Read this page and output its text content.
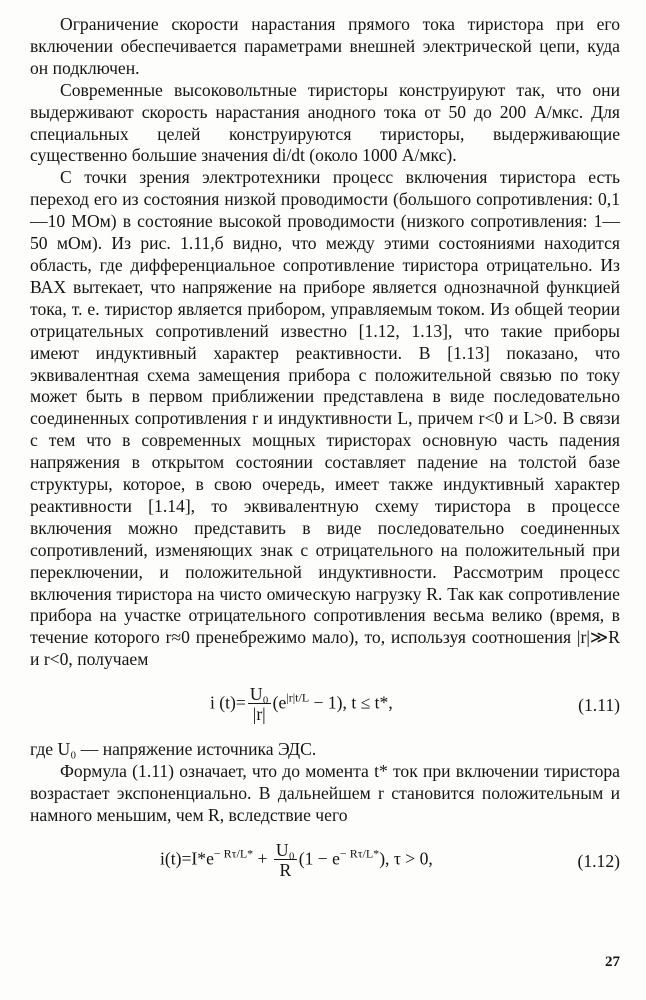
Ограничение скорости нарастания прямого тока тиристора при его включении обеспечивается параметрами внешней электрической цепи, куда он подключен.

Современные высоковольтные тиристоры конструируют так, что они выдерживают скорость нарастания анодного тока от 50 до 200 А/мкс. Для специальных целей конструируются тиристоры, выдерживающие существенно большие значения di/dt (около 1000 А/мкс).

С точки зрения электротехники процесс включения тиристора есть переход его из состояния низкой проводимости (большого сопротивления: 0,1—10 МОм) в состояние высокой проводимости (низкого сопротивления: 1—50 мОм). Из рис. 1.11,б видно, что между этими состояниями находится область, где дифференциальное сопротивление тиристора отрицательно. Из ВАХ вытекает, что напряжение на приборе является однозначной функцией тока, т. е. тиристор является прибором, управляемым током. Из общей теории отрицательных сопротивлений известно [1.12, 1.13], что такие приборы имеют индуктивный характер реактивности. В [1.13] показано, что эквивалентная схема замещения прибора с положительной связью по току может быть в первом приближении представлена в виде последовательно соединенных сопротивления r и индуктивности L, причем r<0 и L>0. В связи с тем что в современных мощных тиристорах основную часть падения напряжения в открытом состоянии составляет падение на толстой базе структуры, которое, в свою очередь, имеет также индуктивный характер реактивности [1.14], то эквивалентную схему тиристора в процессе включения можно представить в виде последовательно соединенных сопротивлений, изменяющих знак с отрицательного на положительный при переключении, и положительной индуктивности. Рассмотрим процесс включения тиристора на чисто омическую нагрузку R. Так как сопротивление прибора на участке отрицательного сопротивления весьма велико (время, в течение которого r≈0 пренебрежимо мало), то, используя соотношения |r|≫R и r<0, получаем

i $(t)= \frac{\text{U₀}}{|r|} (e^{|r|t/L} - 1)$, t ≤ t*,	(1.11)

где U₀ — напряжение источника ЭДС.

Формула (1.11) означает, что до момента t* ток при включении тиристора возрастает экспоненциально. В дальнейшем r становится положительным и намного меньшим, чем R, вследствие чего

$i(t)=I*e^{- R\tau/L*} + \frac{\text{U₀}}{R} (1 - e^{- R\tau/L*})$, τ > 0,	(1.12)
27
